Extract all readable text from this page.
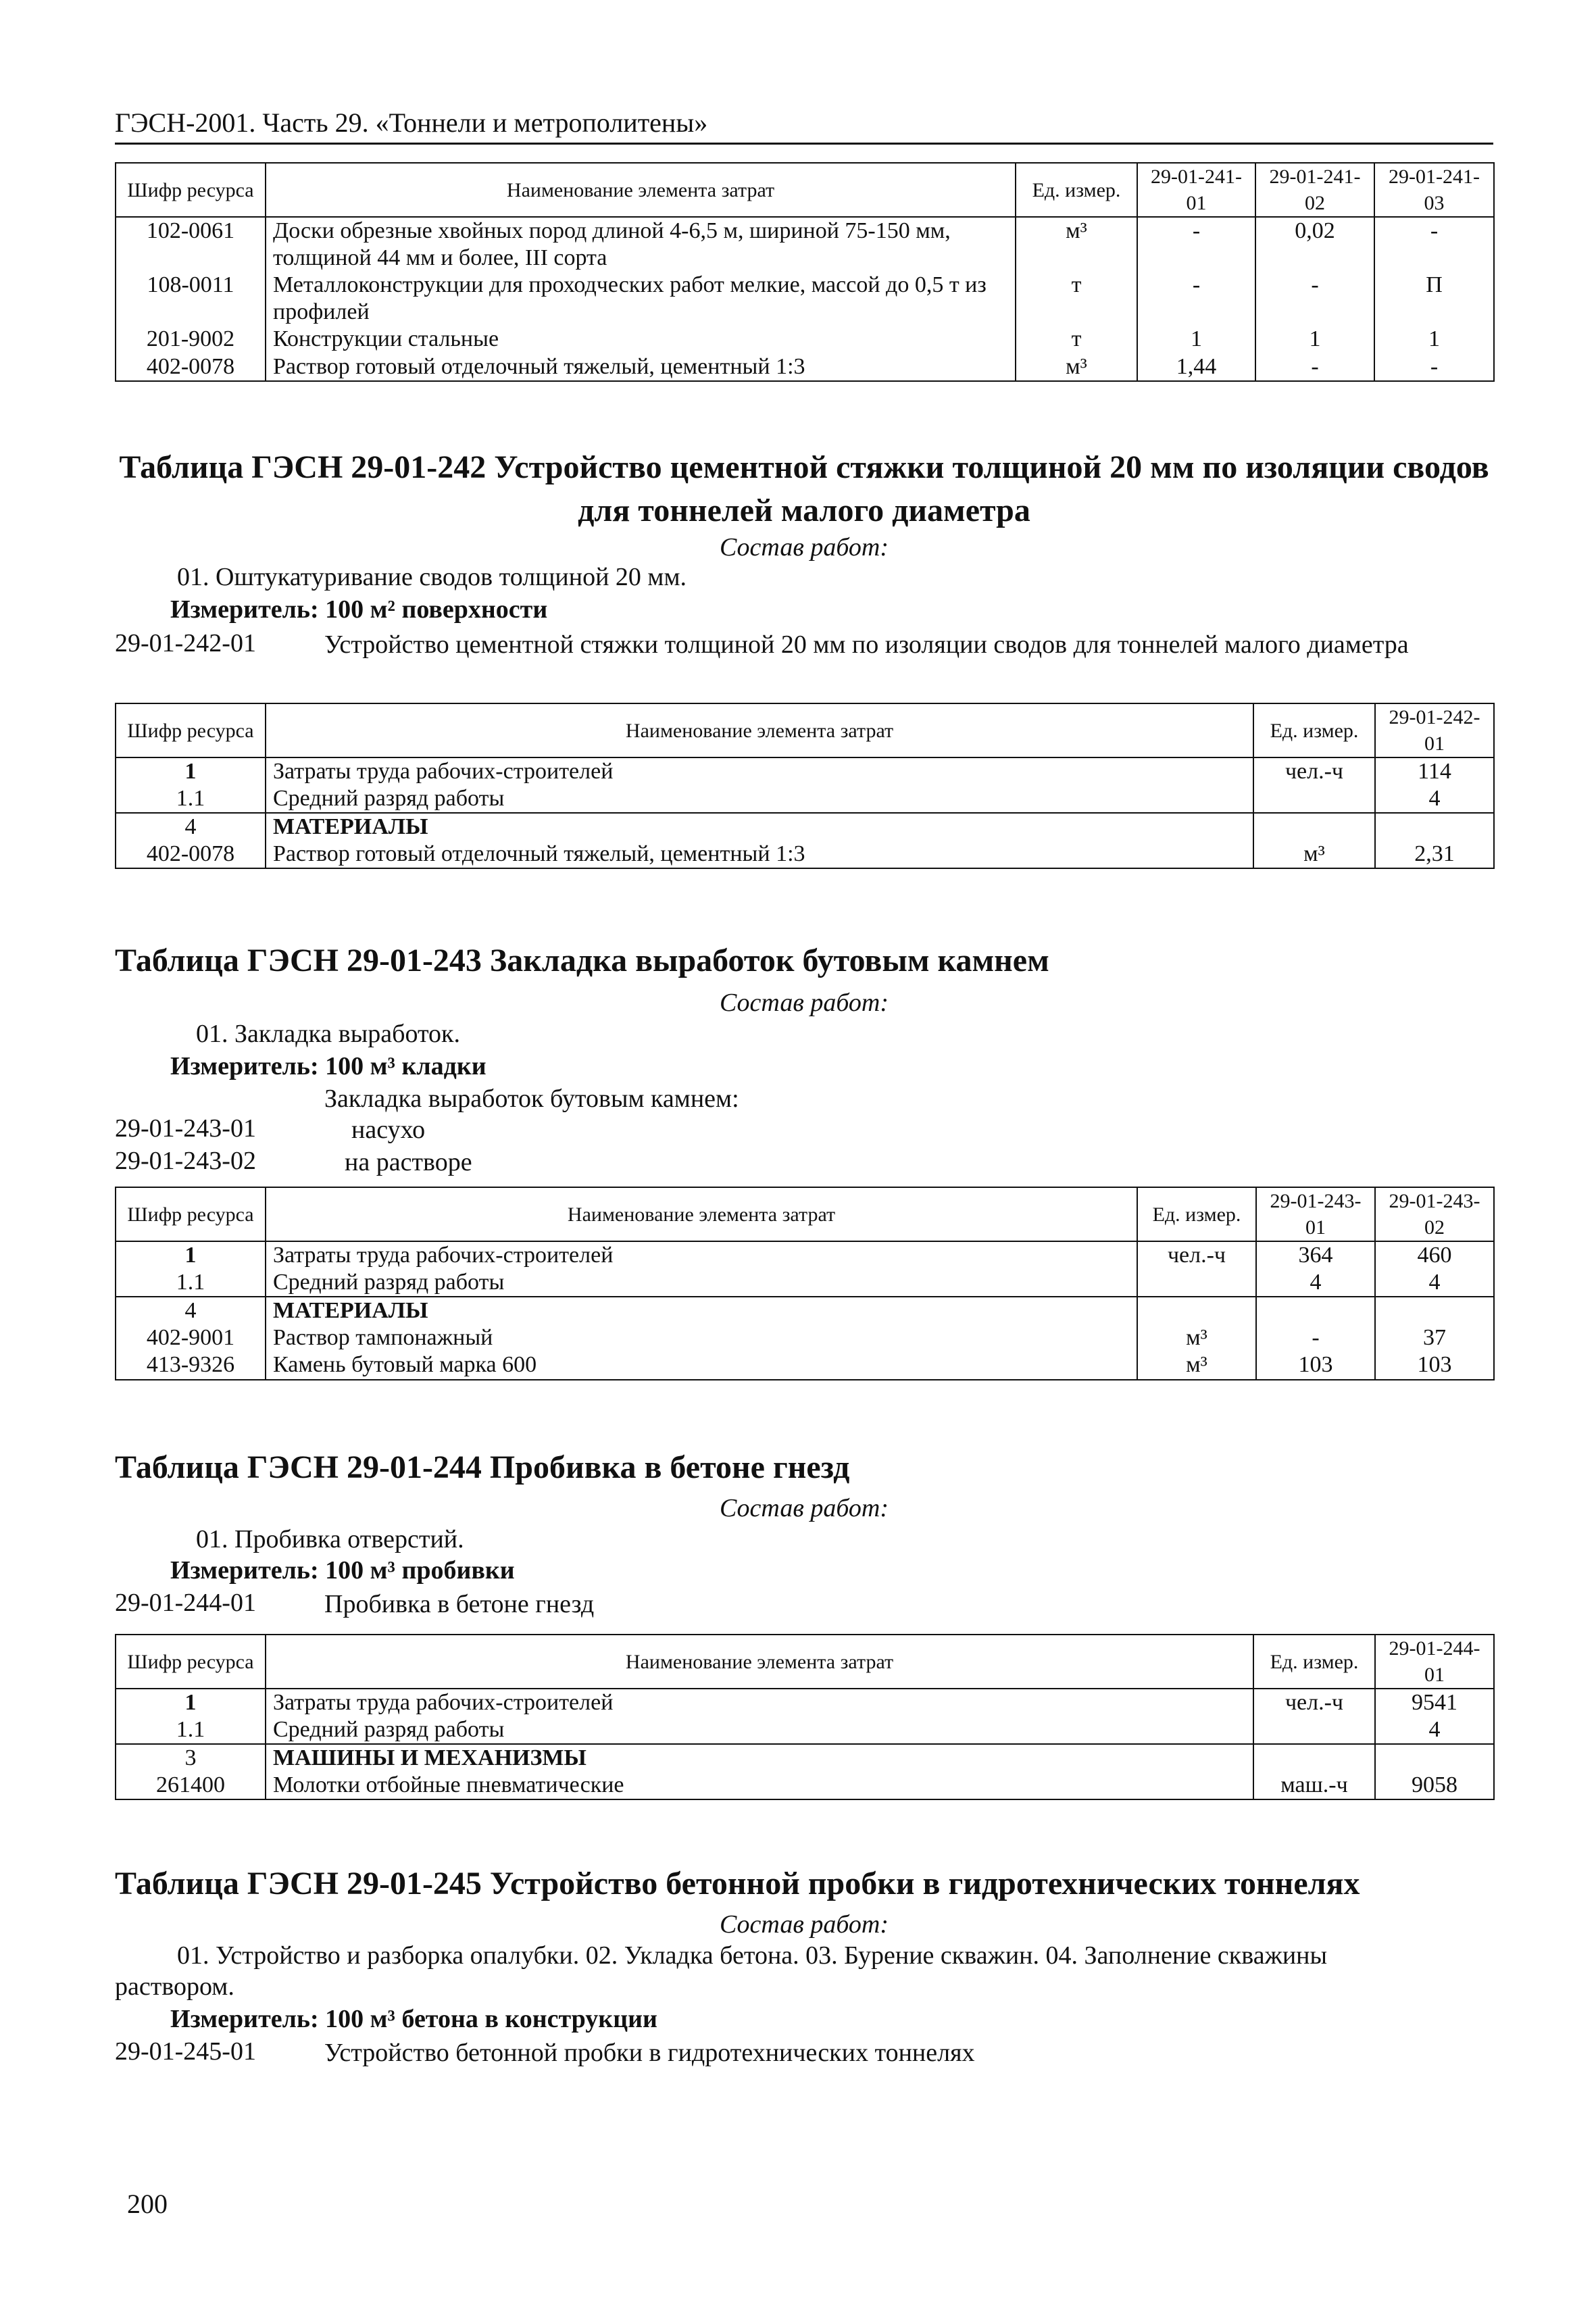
ГЭСН-2001. Часть 29. «Тоннели и метрополитены»
Шифр ресурса	Наименование элемента затрат	Ед. измер.	29-01-241-01	29-01-241-02	29-01-241-03
102-0061	Доски обрезные хвойных пород длиной 4-6,5 м, шириной 75-150 мм, толщиной 44 мм и более, III сорта	м³	-	0,02	-
108-0011	Металлоконструкции для проходческих работ мелкие, массой до 0,5 т из профилей	т	-	-	П
201-9002	Конструкции стальные	т	1	1	1
402-0078	Раствор готовый отделочный тяжелый, цементный 1:3	м³	1,44	-	-
Таблица ГЭСН 29-01-242 Устройство цементной стяжки толщиной 20 мм по изоляции сводов для тоннелей малого диаметра
Состав работ:
01. Оштукатуривание сводов толщиной 20 мм.
Измеритель: 100 м² поверхности
29-01-242-01	Устройство цементной стяжки толщиной 20 мм по изоляции сводов для тоннелей малого диаметра
Шифр ресурса	Наименование элемента затрат	Ед. измер.	29-01-242-01
1	Затраты труда рабочих-строителей	чел.-ч	114
1.1	Средний разряд работы		4
4	МАТЕРИАЛЫ		
402-0078	Раствор готовый отделочный тяжелый, цементный 1:3	м³	2,31
Таблица ГЭСН 29-01-243 Закладка выработок бутовым камнем
Состав работ:
01. Закладка выработок.
Измеритель: 100 м³ кладки
Закладка выработок бутовым камнем:
29-01-243-01	насухо
29-01-243-02	на растворе
Шифр ресурса	Наименование элемента затрат	Ед. измер.	29-01-243-01	29-01-243-02
1	Затраты труда рабочих-строителей	чел.-ч	364	460
1.1	Средний разряд работы		4	4
4	МАТЕРИАЛЫ			
402-9001	Раствор тампонажный	м³	-	37
413-9326	Камень бутовый марка 600	м³	103	103
Таблица ГЭСН 29-01-244 Пробивка в бетоне гнезд
Состав работ:
01. Пробивка отверстий.
Измеритель: 100 м³ пробивки
29-01-244-01	Пробивка в бетоне гнезд
Шифр ресурса	Наименование элемента затрат	Ед. измер.	29-01-244-01
1	Затраты труда рабочих-строителей	чел.-ч	9541
1.1	Средний разряд работы		4
3	МАШИНЫ И МЕХАНИЗМЫ		
261400	Молотки отбойные пневматические	маш.-ч	9058
Таблица ГЭСН 29-01-245 Устройство бетонной пробки в гидротехнических тоннелях
Состав работ:
01. Устройство и разборка опалубки. 02. Укладка бетона. 03. Бурение скважин. 04. Заполнение скважины
раствором.
Измеритель: 100 м³ бетона в конструкции
29-01-245-01	Устройство бетонной пробки в гидротехнических тоннелях
200
